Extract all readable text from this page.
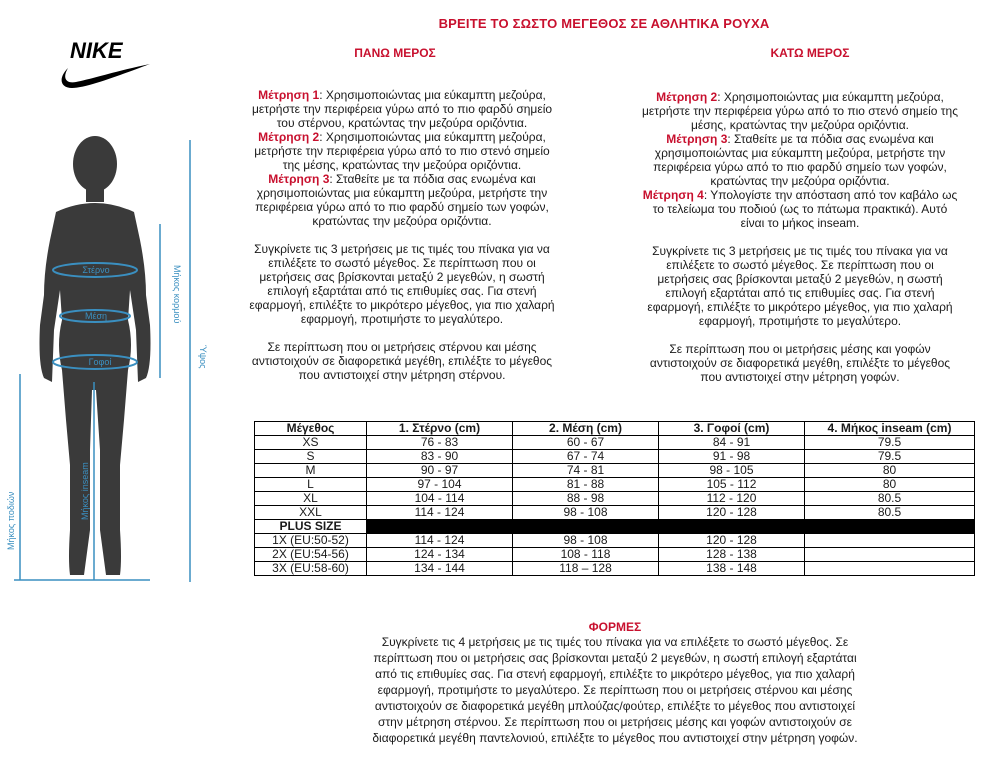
NIKE
ΒΡΕΙΤΕ ΤΟ ΣΩΣΤΟ ΜΕΓΕΘΟΣ ΣΕ ΑΘΛΗΤΙΚΑ ΡΟΥΧΑ
ΠΑΝΩ ΜΕΡΟΣ	ΚΑΤΩ ΜΕΡΟΣ

Μέτρηση 1: Χρησιμοποιώντας μια εύκαμπτη μεζούρα, μετρήστε την περιφέρεια γύρω από το πιο φαρδύ σημείο του στέρνου, κρατώντας την μεζούρα οριζόντια.

Μέτρηση 2: Χρησιμοποιώντας μια εύκαμπτη μεζούρα, μετρήστε την περιφέρεια γύρω από το πιο στενό σημείο της μέσης, κρατώντας την μεζούρα οριζόντια.

Μέτρηση 3: Σταθείτε με τα πόδια σας ενωμένα και χρησιμοποιώντας μια εύκαμπτη μεζούρα, μετρήστε την περιφέρεια γύρω από το πιο φαρδύ σημείο των γοφών, κρατώντας την μεζούρα οριζόντια.

Συγκρίνετε τις 3 μετρήσεις με τις τιμές του πίνακα για να επιλέξετε το σωστό μέγεθος. Σε περίπτωση που οι μετρήσεις σας βρίσκονται μεταξύ 2 μεγεθών, η σωστή επιλογή εξαρτάται από τις επιθυμίες σας. Για στενή εφαρμογή, επιλέξτε το μικρότερο μέγεθος, για πιο χαλαρή εφαρμογή, προτιμήστε το μεγαλύτερο.

Σε περίπτωση που οι μετρήσεις στέρνου και μέσης αντιστοιχούν σε διαφορετικά μεγέθη, επιλέξτε το μέγεθος που αντιστοιχεί στην μέτρηση στέρνου.

Μέτρηση 2: Χρησιμοποιώντας μια εύκαμπτη μεζούρα, μετρήστε την περιφέρεια γύρω από το πιο στενό σημείο της μέσης, κρατώντας την μεζούρα οριζόντια.

Μέτρηση 3: Σταθείτε με τα πόδια σας ενωμένα και χρησιμοποιώντας μια εύκαμπτη μεζούρα, μετρήστε την περιφέρεια γύρω από το πιο φαρδύ σημείο των γοφών, κρατώντας την μεζούρα οριζόντια.

Μέτρηση 4: Υπολογίστε την απόσταση από τον καβάλο ως το τελείωμα του ποδιού (ως το πάτωμα πρακτικά). Αυτό είναι το μήκος inseam.

Συγκρίνετε τις 3 μετρήσεις με τις τιμές του πίνακα για να επιλέξετε το σωστό μέγεθος. Σε περίπτωση που οι μετρήσεις σας βρίσκονται μεταξύ 2 μεγεθών, η σωστή επιλογή εξαρτάται από τις επιθυμίες σας. Για στενή εφαρμογή, επιλέξτε το μικρότερο μέγεθος, για πιο χαλαρή εφαρμογή, προτιμήστε το μεγαλύτερο.

Σε περίπτωση που οι μετρήσεις μέσης και γοφών αντιστοιχούν σε διαφορετικά μεγέθη, επιλέξτε το μέγεθος που αντιστοιχεί στην μέτρηση γοφών.

Στέρνο
Μέση
Γοφοί
Μήκος κορμού
Ύψος
Μήκος ποδιών
Μήκος inseam
Μέγεθος	1. Στέρνο (cm)	2. Μέση (cm)	3. Γοφοί (cm)	4. Μήκος inseam (cm)
XS	76 - 83	60 - 67	84 - 91	79.5
S	83 - 90	67 - 74	91 - 98	79.5
M	90 - 97	74 - 81	98 - 105	80
L	97 - 104	81 - 88	105 - 112	80
XL	104 - 114	88 - 98	112 - 120	80.5
XXL	114 - 124	98 - 108	120 - 128	80.5
PLUS SIZE				
1X (EU:50-52)	114 - 124	98 - 108	120 - 128	
2X (EU:54-56)	124 - 134	108 - 118	128 - 138	
3X (EU:58-60)	134 - 144	118 – 128	138 - 148	
ΦΟΡΜΕΣ
Συγκρίνετε τις 4 μετρήσεις με τις τιμές του πίνακα για να επιλέξετε το σωστό μέγεθος. Σε περίπτωση που οι μετρήσεις σας βρίσκονται μεταξύ 2 μεγεθών, η σωστή επιλογή εξαρτάται από τις επιθυμίες σας. Για στενή εφαρμογή, επιλέξτε το μικρότερο μέγεθος, για πιο χαλαρή εφαρμογή, προτιμήστε το μεγαλύτερο. Σε περίπτωση που οι μετρήσεις στέρνου και μέσης αντιστοιχούν σε διαφορετικά μεγέθη μπλούζας/φούτερ, επιλέξτε το μέγεθος που αντιστοιχεί στην μέτρηση στέρνου. Σε περίπτωση που οι μετρήσεις μέσης και γοφών αντιστοιχούν σε διαφορετικά μεγέθη παντελονιού, επιλέξτε το μέγεθος που αντιστοιχεί στην μέτρηση γοφών.
